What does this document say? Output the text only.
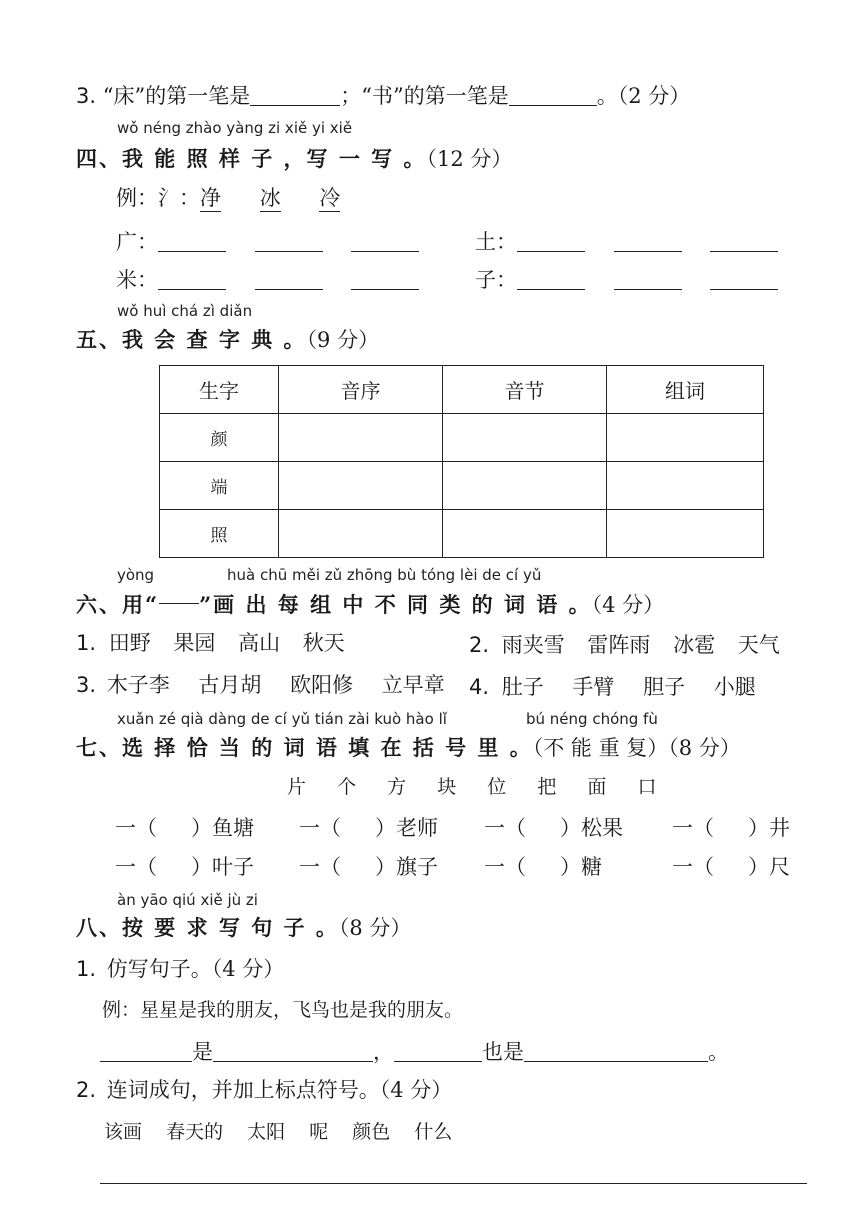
3. “床”的第一笔是	；“书”的第一笔是	。（2 分）
wǒ néng zhào yàng zi xiě yi xiě
四、我 能 照 样 子 ，写 一 写 。（12 分）
例：氵：净 冰 冷
广：	土：
米：	子：
wǒ huì chá zì diǎn
五、我 会 查 字 典 。（9 分）
生字	音序	音节	组词
颜			
端			
照			
yòng	huà chū měi zǔ zhōng bù tóng lèi de cí yǔ
六、用“ ”画 出 每 组 中 不 同 类 的 词 语 。（4 分）
1. 田野 果园 高山 秋天	2. 雨夹雪 雷阵雨 冰雹 天气
3. 木子李 古月胡 欧阳修 立早章 4. 肚子 手臂 胆子 小腿
xuǎn zé qià dàng de cí yǔ tián zài kuò hào lǐ	bú néng chóng fù
七、选 择 恰 当 的 词 语 填 在 括 号 里 。（不 能 重 复）（8 分）
片 个 方 块 位 把 面 口
一（ ）鱼塘 一（ ）老师 一（ ）松果 一（ ）井
一（ ）叶子 一（ ）旗子 一（ ）糖	一（ ）尺
àn yāo qiú xiě jù zi
八、按 要 求 写 句 子 。（8 分）
1. 仿写句子。（4 分）
例：星星是我的朋友，飞鸟也是我的朋友。
是	，	也是	。
2. 连词成句，并加上标点符号。（4 分）
该画 春天的 太阳 呢 颜色 什么
